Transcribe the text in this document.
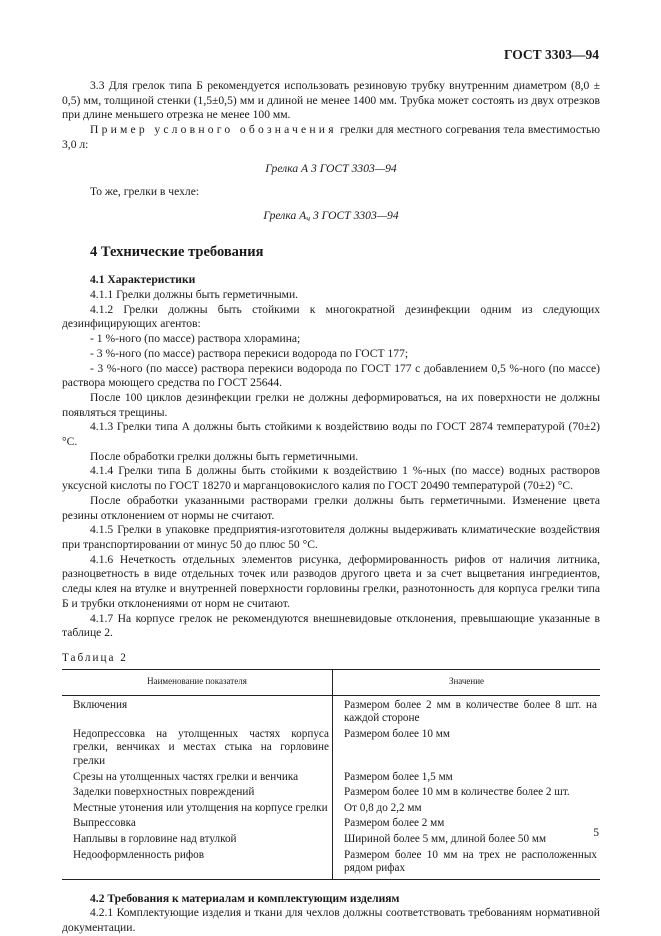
ГОСТ 3303—94

3.3 Для грелок типа Б рекомендуется использовать резиновую трубку внутренним диаметром (8,0 ± 0,5) мм, толщиной стенки (1,5±0,5) мм и длиной не менее 1400 мм. Трубка может состоять из двух отрезков при длине меньшего отрезка не менее 100 мм.

Пример условного обозначения грелки для местного согревания тела вместимостью 3,0 л:

Грелка А 3 ГОСТ 3303—94

То же, грелки в чехле:

Грелка $А_ч$ 3 ГОСТ 3303—94

4 Технические требования
4.1 Характеристики

4.1.1 Грелки должны быть герметичными.

4.1.2 Грелки должны быть стойкими к многократной дезинфекции одним из следующих дезинфицирующих агентов:

- 1 %-ного (по массе) раствора хлорамина;

- 3 %-ного (по массе) раствора перекиси водорода по ГОСТ 177;

- 3 %-ного (по массе) раствора перекиси водорода по ГОСТ 177 с добавлением 0,5 %-ного (по массе) раствора моющего средства по ГОСТ 25644.

После 100 циклов дезинфекции грелки не должны деформироваться, на их поверхности не должны появляться трещины.

4.1.3 Грелки типа А должны быть стойкими к воздействию воды по ГОСТ 2874 температурой (70±2) °С.

После обработки грелки должны быть герметичными.

4.1.4 Грелки типа Б должны быть стойкими к воздействию 1 %-ных (по массе) водных растворов уксусной кислоты по ГОСТ 18270 и марганцовокислого калия по ГОСТ 20490 температурой (70±2) °С.

После обработки указанными растворами грелки должны быть герметичными. Изменение цвета резины отклонением от нормы не считают.

4.1.5 Грелки в упаковке предприятия-изготовителя должны выдерживать климатические воздействия при транспортировании от минус 50 до плюс 50 °С.

4.1.6 Нечеткость отдельных элементов рисунка, деформированность рифов от наличия литника, разноцветность в виде отдельных точек или разводов другого цвета и за счет выцветания ингредиентов, следы клея на втулке и внутренней поверхности горловины грелки, разнотонность для корпуса грелки типа Б и трубки отклонениями от норм не считают.

4.1.7 На корпусе грелок не рекомендуются внешневидовые отклонения, превышающие указанные в таблице 2.

Таблица 2

Наименование показателя	Значение

Включения	Размером более 2 мм в количестве более 8 шт. на каждой стороне

Недопрессовка на утолщенных частях корпуса грелки, венчиках и местах стыка на горловине грелки	Размером более 10 мм

Срезы на утолщенных частях грелки и венчика	Размером более 1,5 мм

Заделки поверхностных повреждений	Размером более 10 мм в количестве более 2 шт.

Местные утонения или утолщения на корпусе грелки	От 0,8 до 2,2 мм

Выпрессовка	Размером более 2 мм

Наплывы в горловине над втулкой	Шириной более 5 мм, длиной более 50 мм

Недооформленность рифов	Размером более 10 мм на трех не расположенных рядом рифах
4.2 Требования к материалам и комплектующим изделиям

4.2.1 Комплектующие изделия и ткани для чехлов должны соответствовать требованиям нормативной документации.

5
